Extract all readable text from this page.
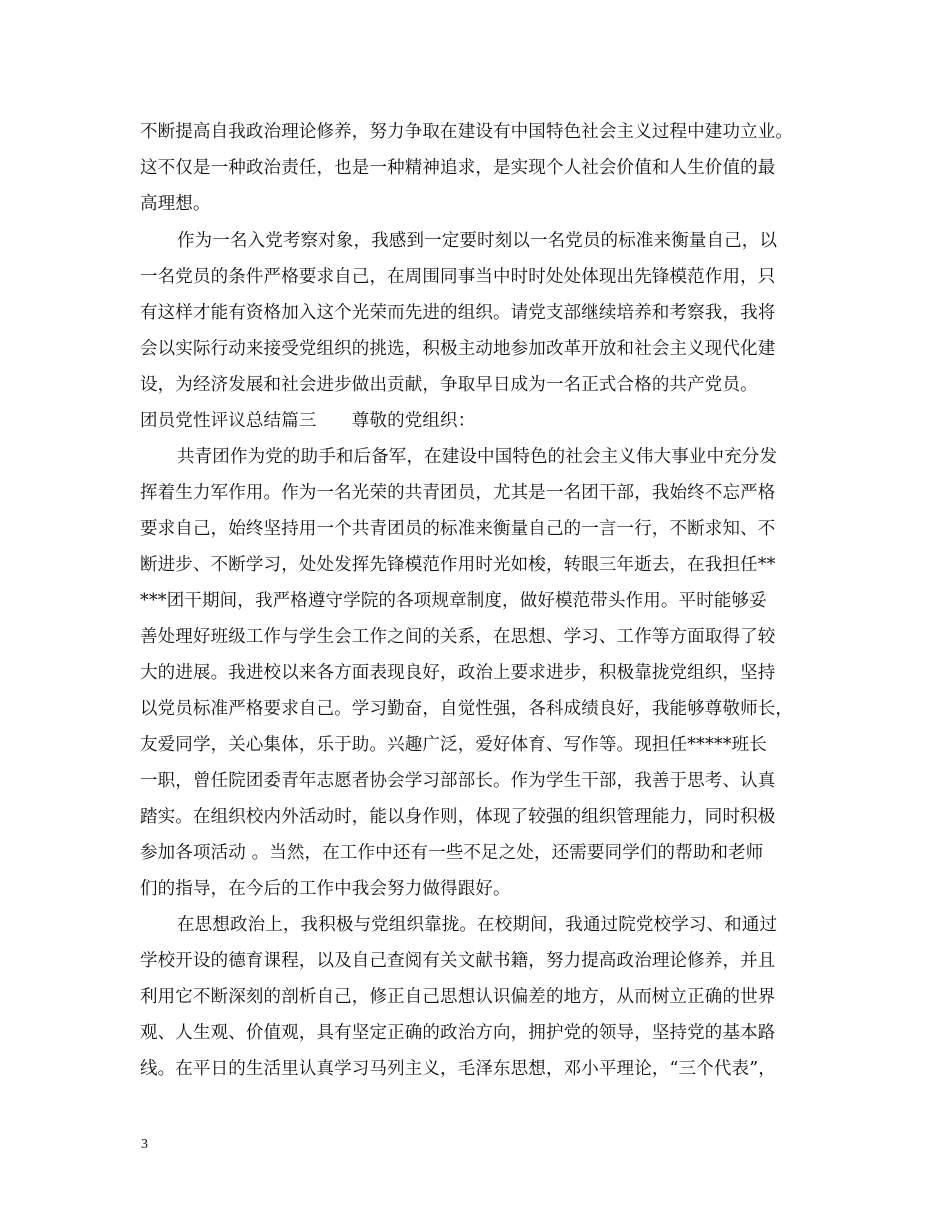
不断提高自我政治理论修养，努力争取在建设有中国特色社会主义过程中建功立业。
这不仅是一种政治责任，也是一种精神追求，是实现个人社会价值和人生价值的最
高理想。
作为一名入党考察对象，我感到一定要时刻以一名党员的标准来衡量自己，以
一名党员的条件严格要求自己，在周围同事当中时时处处体现出先锋模范作用，只
有这样才能有资格加入这个光荣而先进的组织。请党支部继续培养和考察我，我将
会以实际行动来接受党组织的挑选，积极主动地参加改革开放和社会主义现代化建
设，为经济发展和社会进步做出贡献，争取早日成为一名正式合格的共产党员。
团员党性评议总结篇三　　尊敬的党组织：
共青团作为党的助手和后备军，在建设中国特色的社会主义伟大事业中充分发
挥着生力军作用。作为一名光荣的共青团员，尤其是一名团干部，我始终不忘严格
要求自己，始终坚持用一个共青团员的标准来衡量自己的一言一行，不断求知、不
断进步、不断学习，处处发挥先锋模范作用时光如梭，转眼三年逝去，在我担任**
***团干期间，我严格遵守学院的各项规章制度，做好模范带头作用。平时能够妥
善处理好班级工作与学生会工作之间的关系，在思想、学习、工作等方面取得了较
大的进展。我进校以来各方面表现良好，政治上要求进步，积极靠拢党组织，坚持
以党员标准严格要求自己。学习勤奋，自觉性强，各科成绩良好，我能够尊敬师长，
友爱同学，关心集体，乐于助。兴趣广泛，爱好体育、写作等。现担任*****班长
一职，曾任院团委青年志愿者协会学习部部长。作为学生干部，我善于思考、认真
踏实。在组织校内外活动时，能以身作则，体现了较强的组织管理能力，同时积极
参加各项活动 。当然，在工作中还有一些不足之处，还需要同学们的帮助和老师
们的指导，在今后的工作中我会努力做得跟好。
在思想政治上，我积极与党组织靠拢。在校期间，我通过院党校学习、和通过
学校开设的德育课程，以及自己查阅有关文献书籍，努力提高政治理论修养，并且
利用它不断深刻的剖析自己，修正自己思想认识偏差的地方，从而树立正确的世界
观、人生观、价值观，具有坚定正确的政治方向，拥护党的领导，坚持党的基本路
线。在平日的生活里认真学习马列主义，毛泽东思想，邓小平理论，“三个代表”，
3
